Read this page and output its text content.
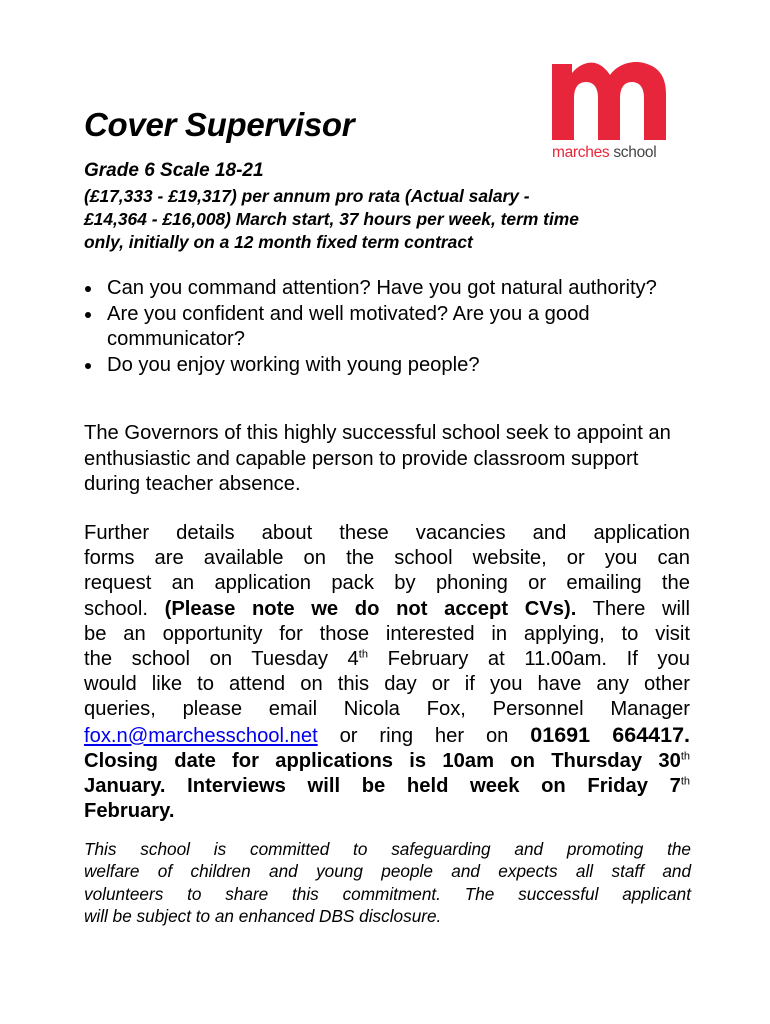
marches school
Cover Supervisor
Grade 6 Scale 18-21

(£17,333 - £19,317) per annum pro rata (Actual salary -
£14,364 - £16,008) March start, 37 hours per week, term time
only, initially on a 12 month fixed term contract

Can you command attention? Have you got natural authority?
Are you confident and well motivated? Are you a good communicator?
Do you enjoy working with young people?

The Governors of this highly successful school seek to appoint an enthusiastic and capable person to provide classroom support during teacher absence.

Further details about these vacancies and application
forms are available on the school website, or you can
request an application pack by phoning or emailing the
school. (Please note we do not accept CVs). There will
be an opportunity for those interested in applying, to visit
the school on Tuesday 4th February at 11.00am. If you
would like to attend on this day or if you have any other
queries, please email Nicola Fox, Personnel Manager
fox.n@marchesschool.net or ring her on 01691 664417.
Closing date for applications is 10am on Thursday 30th
January. Interviews will be held week on Friday 7th
February.

This school is committed to safeguarding and promoting the
welfare of children and young people and expects all staff and
volunteers to share this commitment. The successful applicant
will be subject to an enhanced DBS disclosure.
